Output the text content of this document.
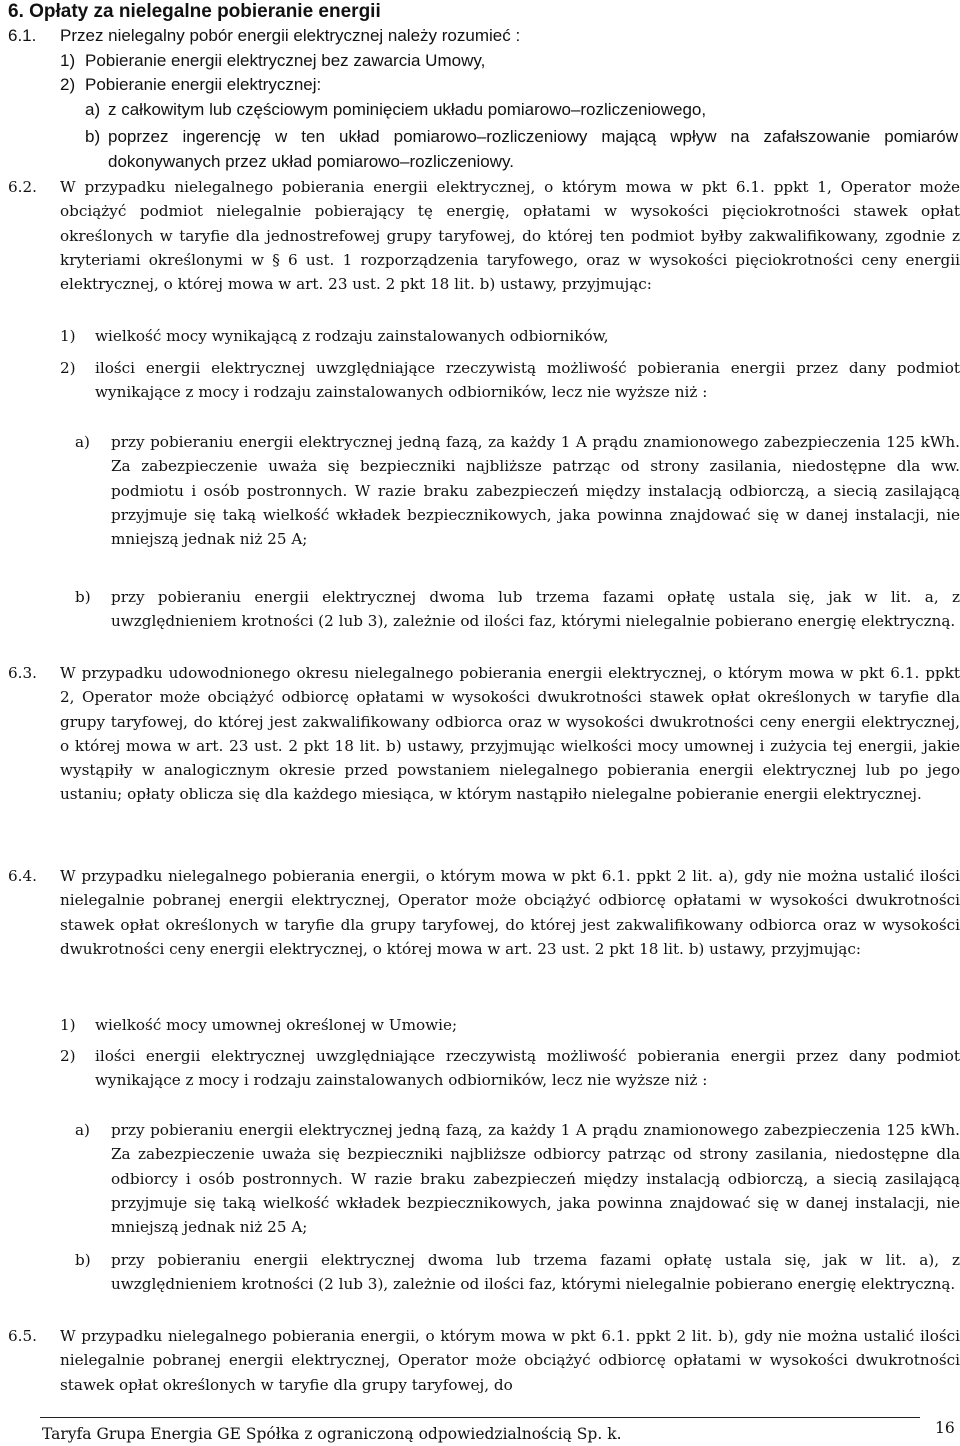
6. Opłaty za nielegalne pobieranie energii
6.1. Przez nielegalny pobór energii elektrycznej należy rozumieć :
1) Pobieranie energii elektrycznej bez zawarcia Umowy,
2) Pobieranie energii elektrycznej:
a) z całkowitym lub częściowym pominięciem układu pomiarowo–rozliczeniowego,
b) poprzez ingerencję w ten układ pomiarowo–rozliczeniowy mającą wpływ na zafałszowanie pomiarów dokonywanych przez układ pomiarowo–rozliczeniowy.
6.2.	W przypadku nielegalnego pobierania energii elektrycznej, o którym mowa w pkt 6.1. ppkt 1, Operator może obciążyć podmiot nielegalnie pobierający tę energię, opłatami w wysokości pięciokrotności stawek opłat określonych w taryfie dla jednostrefowej grupy taryfowej, do której ten podmiot byłby zakwalifikowany, zgodnie z kryteriami określonymi w § 6 ust. 1 rozporządzenia taryfowego, oraz w wysokości pięciokrotności ceny energii elektrycznej, o której mowa w art. 23 ust. 2 pkt 18 lit. b) ustawy, przyjmując:
1)	wielkość mocy wynikającą z rodzaju zainstalowanych odbiorników,
2)	ilości energii elektrycznej uwzględniające rzeczywistą możliwość pobierania energii przez dany podmiot wynikające z mocy i rodzaju zainstalowanych odbiorników, lecz nie wyższe niż :
a)	przy pobieraniu energii elektrycznej jedną fazą, za każdy 1 A prądu znamionowego zabezpieczenia 125 kWh. Za zabezpieczenie uważa się bezpieczniki najbliższe patrząc od strony zasilania, niedostępne dla ww. podmiotu i osób postronnych. W razie braku zabezpieczeń między instalacją odbiorczą, a siecią zasilającą przyjmuje się taką wielkość wkładek bezpiecznikowych, jaka powinna znajdować się w danej instalacji, nie mniejszą jednak niż 25 A;
b)	przy pobieraniu energii elektrycznej dwoma lub trzema fazami opłatę ustala się, jak w lit. a, z uwzględnieniem krotności (2 lub 3), zależnie od ilości faz, którymi nielegalnie pobierano energię elektryczną.
6.3.	W przypadku udowodnionego okresu nielegalnego pobierania energii elektrycznej, o którym mowa w pkt 6.1. ppkt 2, Operator może obciążyć odbiorcę opłatami w wysokości dwukrotności stawek opłat określonych w taryfie dla grupy taryfowej, do której jest zakwalifikowany odbiorca oraz w wysokości dwukrotności ceny energii elektrycznej, o której mowa w art. 23 ust. 2 pkt 18 lit. b) ustawy, przyjmując wielkości mocy umownej i zużycia tej energii, jakie wystąpiły w analogicznym okresie przed powstaniem nielegalnego pobierania energii elektrycznej lub po jego ustaniu; opłaty oblicza się dla każdego miesiąca, w którym nastąpiło nielegalne pobieranie energii elektrycznej.
6.4.	W przypadku nielegalnego pobierania energii, o którym mowa w pkt 6.1. ppkt 2 lit. a), gdy nie można ustalić ilości nielegalnie pobranej energii elektrycznej, Operator może obciążyć odbiorcę opłatami w wysokości dwukrotności stawek opłat określonych w taryfie dla grupy taryfowej, do której jest zakwalifikowany odbiorca oraz w wysokości dwukrotności ceny energii elektrycznej, o której mowa w art. 23 ust. 2 pkt 18 lit. b) ustawy, przyjmując:
1)	wielkość mocy umownej określonej w Umowie;
2)	ilości energii elektrycznej uwzględniające rzeczywistą możliwość pobierania energii przez dany podmiot wynikające z mocy i rodzaju zainstalowanych odbiorników, lecz nie wyższe niż :
a)	przy pobieraniu energii elektrycznej jedną fazą, za każdy 1 A prądu znamionowego zabezpieczenia 125 kWh. Za zabezpieczenie uważa się bezpieczniki najbliższe odbiorcy patrząc od strony zasilania, niedostępne dla odbiorcy i osób postronnych. W razie braku zabezpieczeń między instalacją odbiorczą, a siecią zasilającą przyjmuje się taką wielkość wkładek bezpiecznikowych, jaka powinna znajdować się w danej instalacji, nie mniejszą jednak niż 25 A;
b)	przy pobieraniu energii elektrycznej dwoma lub trzema fazami opłatę ustala się, jak w lit. a), z uwzględnieniem krotności (2 lub 3), zależnie od ilości faz, którymi nielegalnie pobierano energię elektryczną.
6.5.	W przypadku nielegalnego pobierania energii, o którym mowa w pkt 6.1. ppkt 2 lit. b), gdy nie można ustalić ilości nielegalnie pobranej energii elektrycznej, Operator może obciążyć odbiorcę opłatami w wysokości dwukrotności stawek opłat określonych w taryfie dla grupy taryfowej, do
Taryfa Grupa Energia GE Spółka z ograniczoną odpowiedzialnością Sp. k.	16
